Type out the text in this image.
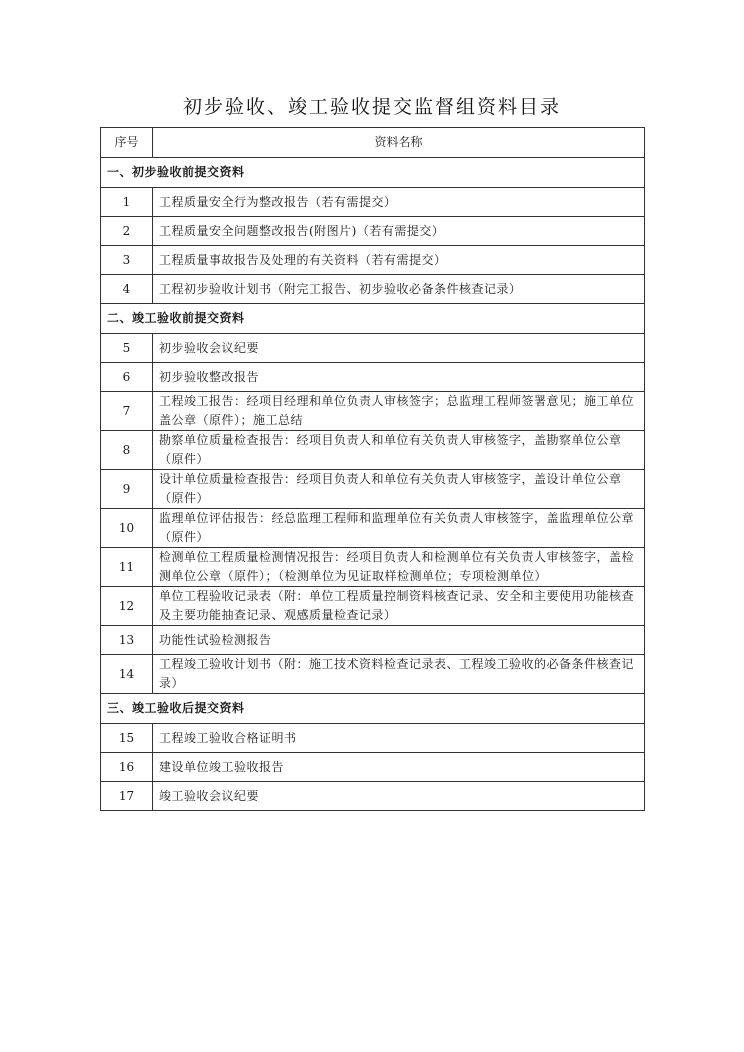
初步验收、竣工验收提交监督组资料目录
序号	资料名称
一、初步验收前提交资料	
1	工程质量安全行为整改报告（若有需提交）
2	工程质量安全问题整改报告(附图片)（若有需提交）
3	工程质量事故报告及处理的有关资料（若有需提交）
4	工程初步验收计划书（附完工报告、初步验收必备条件核查记录）
二、竣工验收前提交资料	
5	初步验收会议纪要
6	初步验收整改报告
7	工程竣工报告：经项目经理和单位负责人审核签字；总监理工程师签署意见；施工单位盖公章（原件）；施工总结
8	勘察单位质量检查报告：经项目负责人和单位有关负责人审核签字，盖勘察单位公章（原件）
9	设计单位质量检查报告：经项目负责人和单位有关负责人审核签字，盖设计单位公章（原件）
10	监理单位评估报告：经总监理工程师和监理单位有关负责人审核签字，盖监理单位公章（原件）
11	检测单位工程质量检测情况报告：经项目负责人和检测单位有关负责人审核签字，盖检测单位公章（原件）；（检测单位为见证取样检测单位；专项检测单位）
12	单位工程验收记录表（附：单位工程质量控制资料核查记录、安全和主要使用功能核查及主要功能抽查记录、观感质量检查记录）
13	功能性试验检测报告
14	工程竣工验收计划书（附：施工技术资料检查记录表、工程竣工验收的必备条件核查记录）
三、竣工验收后提交资料	
15	工程竣工验收合格证明书
16	建设单位竣工验收报告
17	竣工验收会议纪要
